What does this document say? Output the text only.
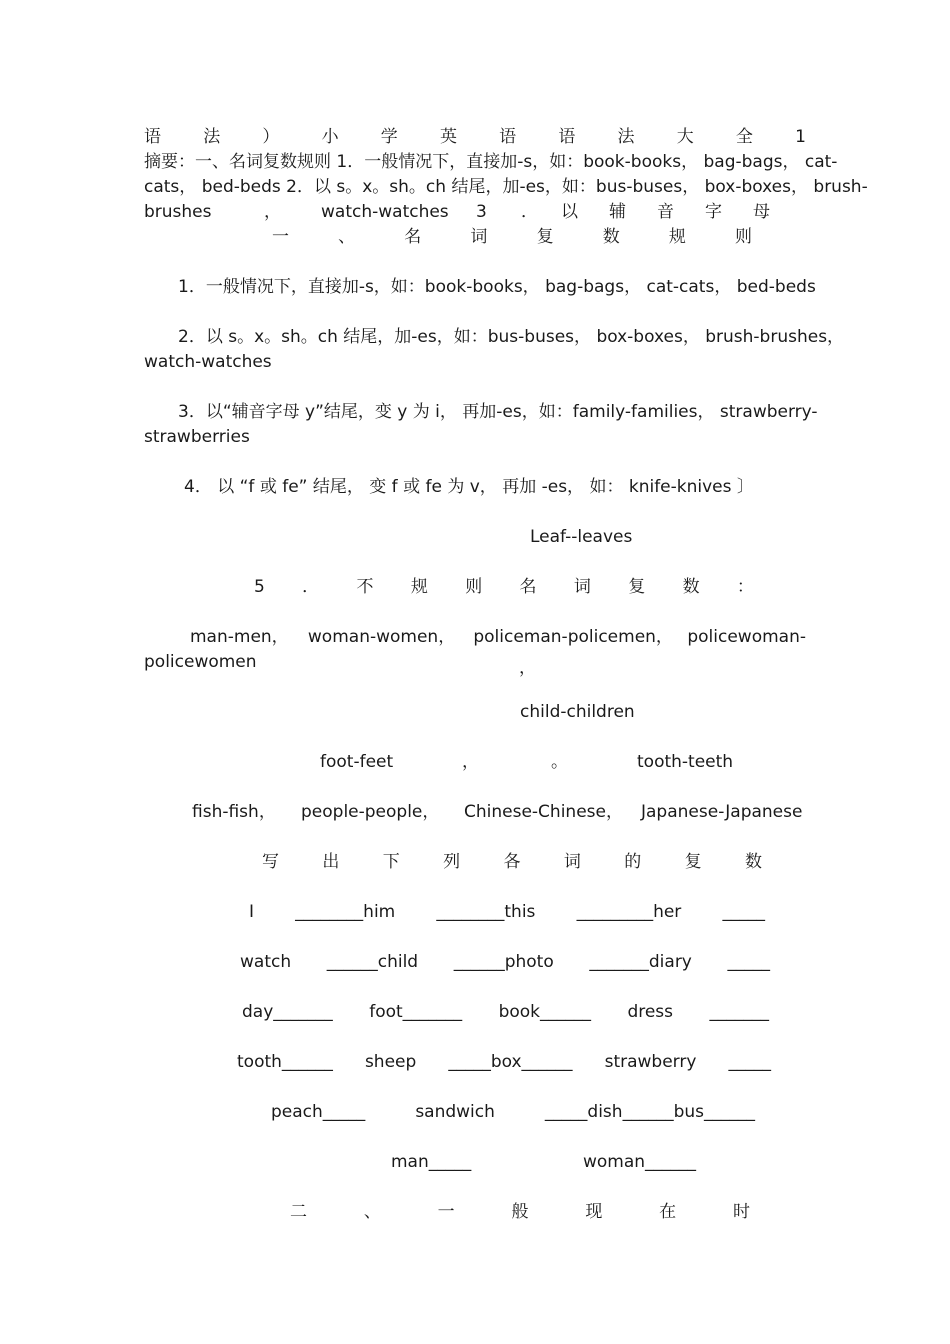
语 法 ） 小 学 英 语 语 法 大 全 1
摘要：一、名词复数规则 1．一般情况下，直接加-s，如：book-books， bag-bags， cat-
cats， bed-beds 2．以 s。x。sh。ch 结尾，加-es，如：bus-buses， box-boxes， brush-
brushes	，	watch-watches	3	．	以	辅	音	字	母
一	、	名	词	复	数	规	则
1．一般情况下，直接加-s，如：book-books， bag-bags， cat-cats， bed-beds
2．以 s。x。sh。ch 结尾，加-es，如：bus-buses， box-boxes， brush-brushes，
watch-watches
3．以“辅音字母 y”结尾，变 y 为 i， 再加-es，如：family-families， strawberry-
strawberries
4． 以 “f 或 fe” 结尾， 变 f 或 fe 为 v， 再加 -es， 如： knife-knives 〕
Leaf--leaves
5 ． 不 规 则 名 词 复 数 ：
man-men，	woman-women，	policeman-policemen， policewoman-
policewomen	，
child-children
foot-feet	，	。	tooth-teeth
fish-fish，	people-people，	Chinese-Chinese，	Japanese-Japanese
写	出	下	列	各	词	的	复	数
I ________him ________this _________her _____
watch ______child ______photo _______diary _____
day_______ foot_______ book______ dress _______
tooth______ sheep _____box______ strawberry _____
peach_____	sandwich	_____dish______bus______
man_____	woman______
二	、	一	般	现	在	时
